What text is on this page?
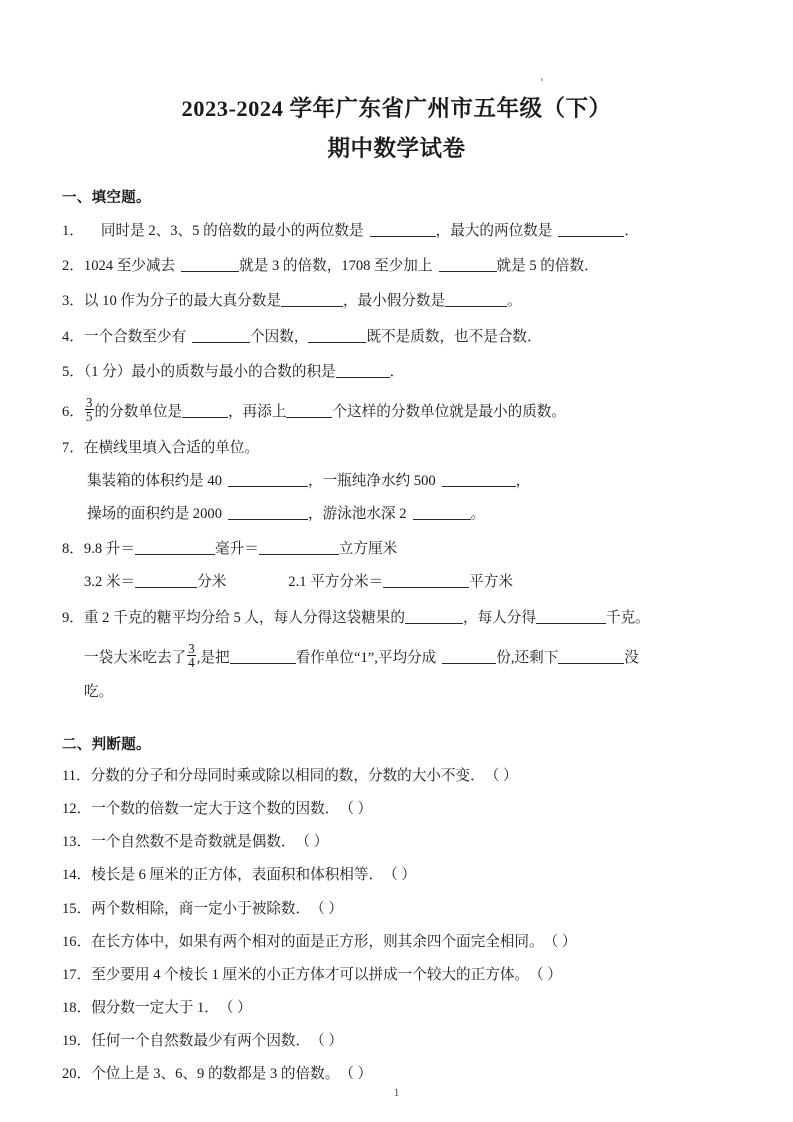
2023-2024 学年广东省广州市五年级（下）
期中数学试卷
一、填空题。
1． 同时是 2、3、5 的倍数的最小的两位数是	，最大的两位数是	．
2．1024 至少减去	就是 3 的倍数，1708 至少加上	就是 5 的倍数．
3．以 10 作为分子的最大真分数是	，最小假分数是	。
4．一个合数至少有	个因数，	既不是质数，也不是合数．
5．（1 分）最小的质数与最小的合数的积是	．
6． $\frac{3}{5}$ 的分数单位是	，再添上	个这样的分数单位就是最小的质数。
7．在横线里填入合适的单位。
集装箱的体积约是 40	，一瓶纯净水约 500	，
操场的面积约是 2000	，游泳池水深 2	。
8．9.8 升＝	毫升＝	立方厘米
3.2 米＝	分米	2.1 平方分米＝	平方米
9．重 2 千克的糖平均分给 5 人，每人分得这袋糖果的	，每人分得	千克。
一袋大米吃去了 $\frac{3}{4}$ ,是把	看作单位“1”,平均分成	份,还剩下	没
吃。
二、判断题。
11．分数的分子和分母同时乘或除以相同的数，分数的大小不变．（ ）
12．一个数的倍数一定大于这个数的因数．（ ）
13．一个自然数不是奇数就是偶数．（ ）
14．棱长是 6 厘米的正方体，表面积和体积相等．（ ）
15．两个数相除，商一定小于被除数．（ ）
16．在长方体中，如果有两个相对的面是正方形，则其余四个面完全相同。（ ）
17．至少要用 4 个棱长 1 厘米的小正方体才可以拼成一个较大的正方体。（ ）
18．假分数一定大于 1．（ ）
19．任何一个自然数最少有两个因数．（ ）
20．个位上是 3、6、9 的数都是 3 的倍数。（ ）
1
